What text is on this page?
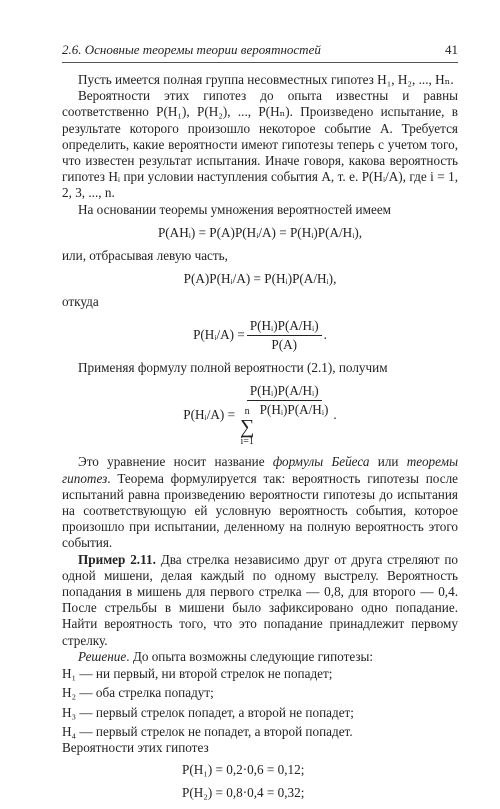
2.6. Основные теоремы теории вероятностей	41

Пусть имеется полная группа несовместных гипотез H₁, H₂, ..., Hₙ.

Вероятности этих гипотез до опыта известны и равны соответственно P(H₁), P(H₂), ..., P(Hₙ). Произведено испытание, в результате которого произошло некоторое событие A. Требуется определить, какие вероятности имеют гипотезы теперь с учетом того, что известен результат испытания. Иначе говоря, какова вероятность гипотез Hᵢ при условии наступления события A, т. е. P(Hᵢ/A), где i = 1, 2, 3, ..., n.

На основании теоремы умножения вероятностей имеем

P(AHᵢ) = P(A)P(Hᵢ/A) = P(Hᵢ)P(A/Hᵢ),

или, отбрасывая левую часть,

P(A)P(Hᵢ/A) = P(Hᵢ)P(A/Hᵢ),

откуда

P(Hᵢ/A) = $\frac{\text{P(Hᵢ)P(A/Hᵢ)}}{P(A)}$ .

Применяя формулу полной вероятности (2.1), получим

P(Hᵢ/A) =
P(Hᵢ)P(A/Hᵢ)
n
∑
i=1
P(Hᵢ)P(A/Hᵢ) .

Это уравнение носит название формулы Бейеса или теоремы гипотез. Теорема формулируется так: вероятность гипотезы после испытаний равна произведению вероятности гипотезы до испытания на соответствующую ей условную вероятность события, которое произошло при испытании, деленному на полную вероятность этого события.

Пример 2.11. Два стрелка независимо друг от друга стреляют по одной мишени, делая каждый по одному выстрелу. Вероятность попадания в мишень для первого стрелка — 0,8, для второго — 0,4. После стрельбы в мишени было зафиксировано одно попадание. Найти вероятность того, что это попадание принадлежит первому стрелку.

Решение. До опыта возможны следующие гипотезы:

H₁ — ни первый, ни второй стрелок не попадет;
H₂ — оба стрелка попадут;
H₃ — первый стрелок попадет, а второй не попадет;
H₄ — первый стрелок не попадет, а второй попадет.

Вероятности этих гипотез

P(H₁) = 0,2·0,6 = 0,12;
P(H₂) = 0,8·0,4 = 0,32;
